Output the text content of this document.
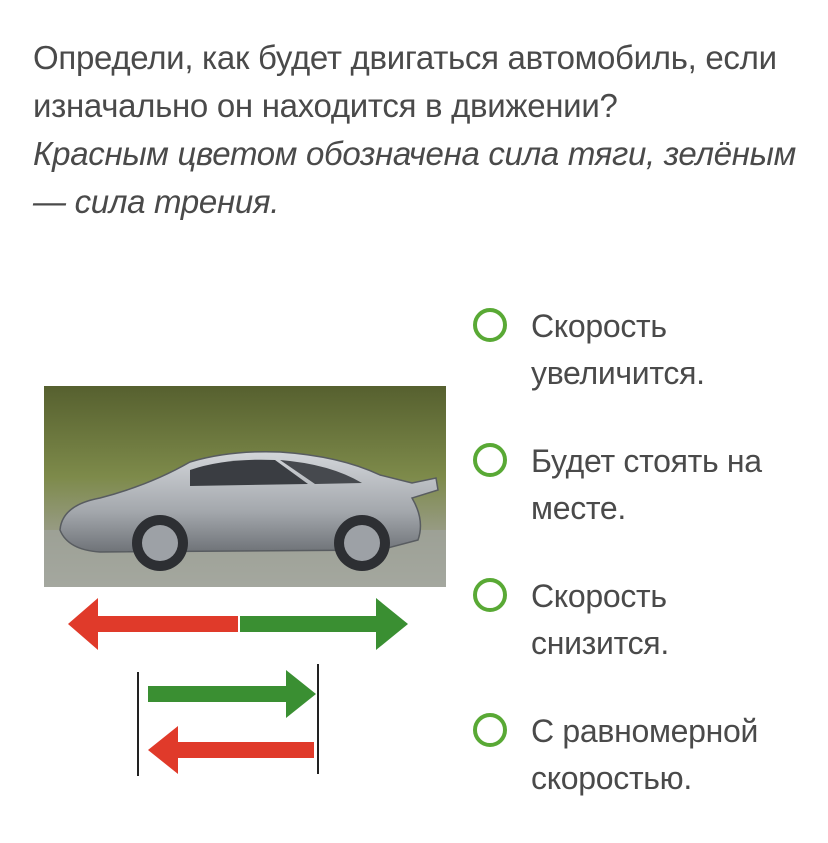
Определи, как будет двигаться автомобиль, если изначально он находится в движении?
Красным цветом обозначена сила тяги, зелёным — сила трения.
Скорость увеличится.
Будет стоять на месте.
Скорость снизится.
С равномерной скоростью.
